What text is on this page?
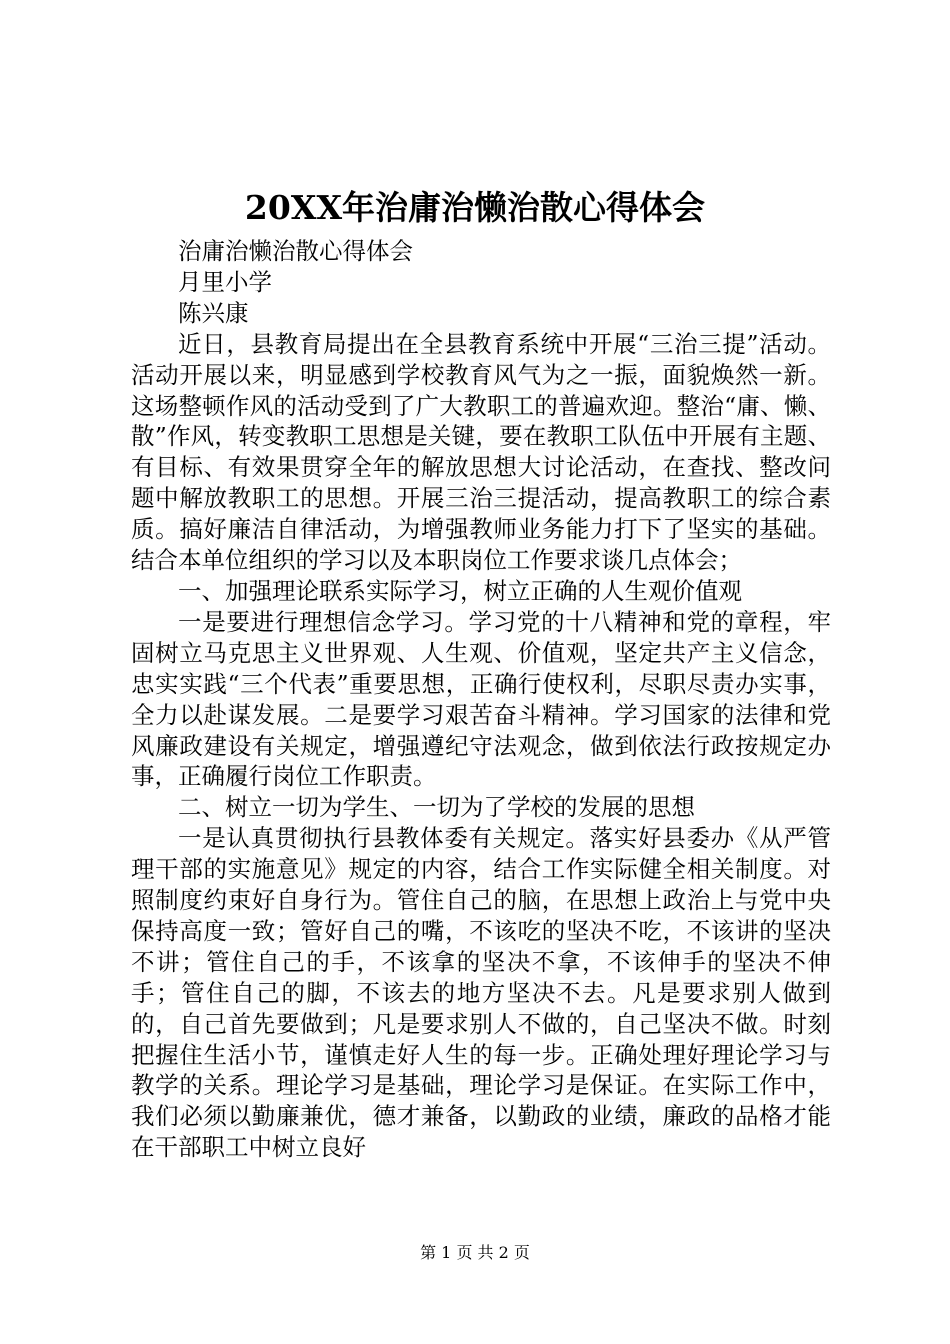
20XX年治庸治懒治散心得体会

治庸治懒治散心得体会

月里小学

陈兴康

近日，县教育局提出在全县教育系统中开展“三治三提”活动。活动开展以来，明显感到学校教育风气为之一振，面貌焕然一新。这场整顿作风的活动受到了广大教职工的普遍欢迎。整治“庸、懒、散”作风，转变教职工思想是关键，要在教职工队伍中开展有主题、有目标、有效果贯穿全年的解放思想大讨论活动，在查找、整改问题中解放教职工的思想。开展三治三提活动，提高教职工的综合素质。搞好廉洁自律活动，为增强教师业务能力打下了坚实的基础。结合本单位组织的学习以及本职岗位工作要求谈几点体会；

一、加强理论联系实际学习，树立正确的人生观价值观

一是要进行理想信念学习。学习党的十八精神和党的章程，牢固树立马克思主义世界观、人生观、价值观，坚定共产主义信念，忠实实践“三个代表”重要思想，正确行使权利，尽职尽责办实事，全力以赴谋发展。二是要学习艰苦奋斗精神。学习国家的法律和党风廉政建设有关规定，增强遵纪守法观念，做到依法行政按规定办事，正确履行岗位工作职责。

二、树立一切为学生、一切为了学校的发展的思想

一是认真贯彻执行县教体委有关规定。落实好县委办《从严管理干部的实施意见》规定的内容，结合工作实际健全相关制度。对照制度约束好自身行为。管住自己的脑，在思想上政治上与党中央保持高度一致；管好自己的嘴，不该吃的坚决不吃，不该讲的坚决不讲；管住自己的手，不该拿的坚决不拿，不该伸手的坚决不伸手；管住自己的脚，不该去的地方坚决不去。凡是要求别人做到的，自己首先要做到；凡是要求别人不做的，自己坚决不做。时刻把握住生活小节，谨慎走好人生的每一步。正确处理好理论学习与教学的关系。理论学习是基础，理论学习是保证。在实际工作中，我们必须以勤廉兼优，德才兼备，以勤政的业绩，廉政的品格才能在干部职工中树立良好

第 1 页 共 2 页
